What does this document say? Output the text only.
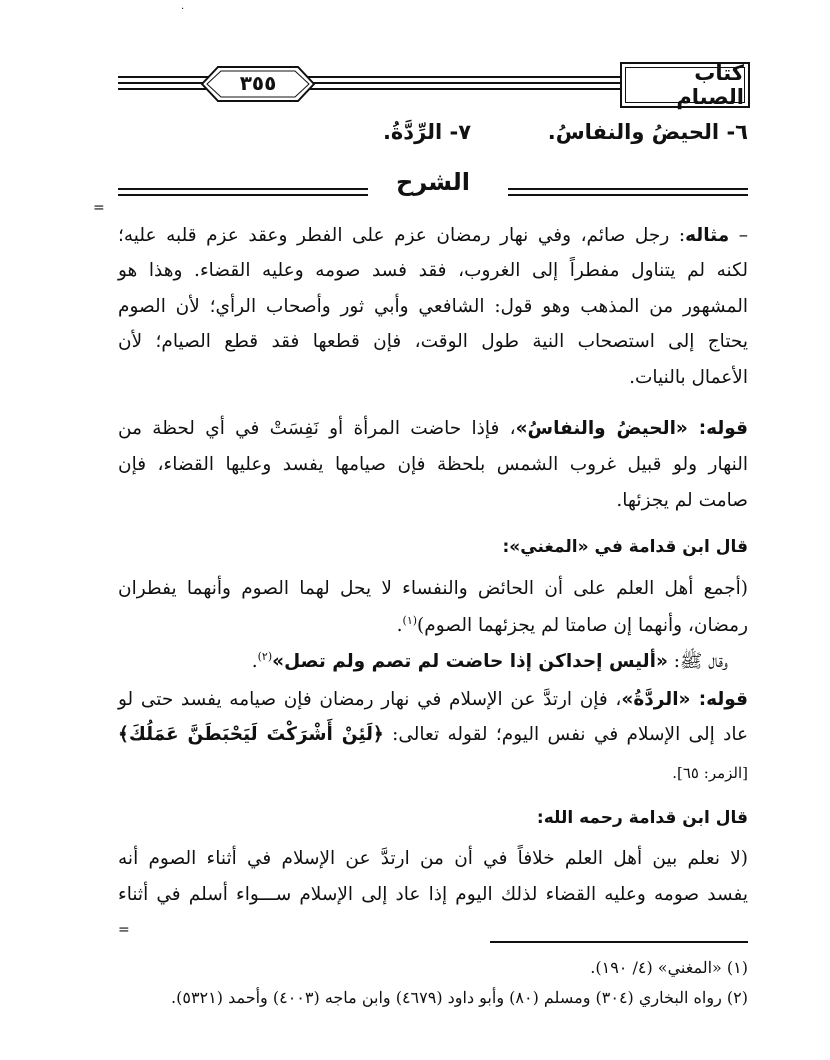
·
كتاب الصيام
٣٥٥
٦- الحيضُ والنفاسُ.  ٧- الرِّدَّةُ.
الشرح
=
– مثاله: رجل صائم، وفي نهار رمضان عزم على الفطر وعقد عزم قلبه عليه؛
لكنه لم يتناول مفطراً إلى الغروب، فقد فسد صومه وعليه القضاء. وهذا هو
المشهور من المذهب وهو قول: الشافعي وأبي ثور وأصحاب الرأي؛ لأن الصوم
يحتاج إلى استصحاب النية طول الوقت، فإن قطعها فقد قطع الصيام؛ لأن
الأعمال بالنيات.
قوله: «الحيضُ والنفاسُ»، فإذا حاضت المرأة أو نَفِسَتْ في أي لحظة من
النهار ولو قبيل غروب الشمس بلحظة فإن صيامها يفسد وعليها القضاء، فإن
صامت لم يجزئها.
قال ابن قدامة في «المغني»:
(أجمع أهل العلم على أن الحائض والنفساء لا يحل لهما الصوم وأنهما يفطران
رمضان، وأنهما إن صامتا لم يجزئهما الصوم)$^{(١)}$.
وقال ﷺ: «أليس إحداكن إذا حاضت لم تصم ولم تصل»$^{(٢)}$.
قوله: «الردَّةُ»، فإن ارتدَّ عن الإسلام في نهار رمضان فإن صيامه يفسد حتى لو
عاد إلى الإسلام في نفس اليوم؛ لقوله تعالى: ﴿لَئِنْ أَشْرَكْتَ لَيَحْبَطَنَّ عَمَلُكَ﴾
[الزمر: ٦٥].
قال ابن قدامة رحمه الله:
(لا نعلم بين أهل العلم خلافاً في أن من ارتدَّ عن الإسلام في أثناء الصوم أنه
يفسد صومه وعليه القضاء لذلك اليوم إذا عاد إلى الإسلام ســـواء أسلم في أثناء
=
(١) «المغني» (٤/ ١٩٠).
(٢) رواه البخاري (٣٠٤) ومسلم (٨٠) وأبو داود (٤٦٧٩) وابن ماجه (٤٠٠٣) وأحمد (٥٣٢١).
